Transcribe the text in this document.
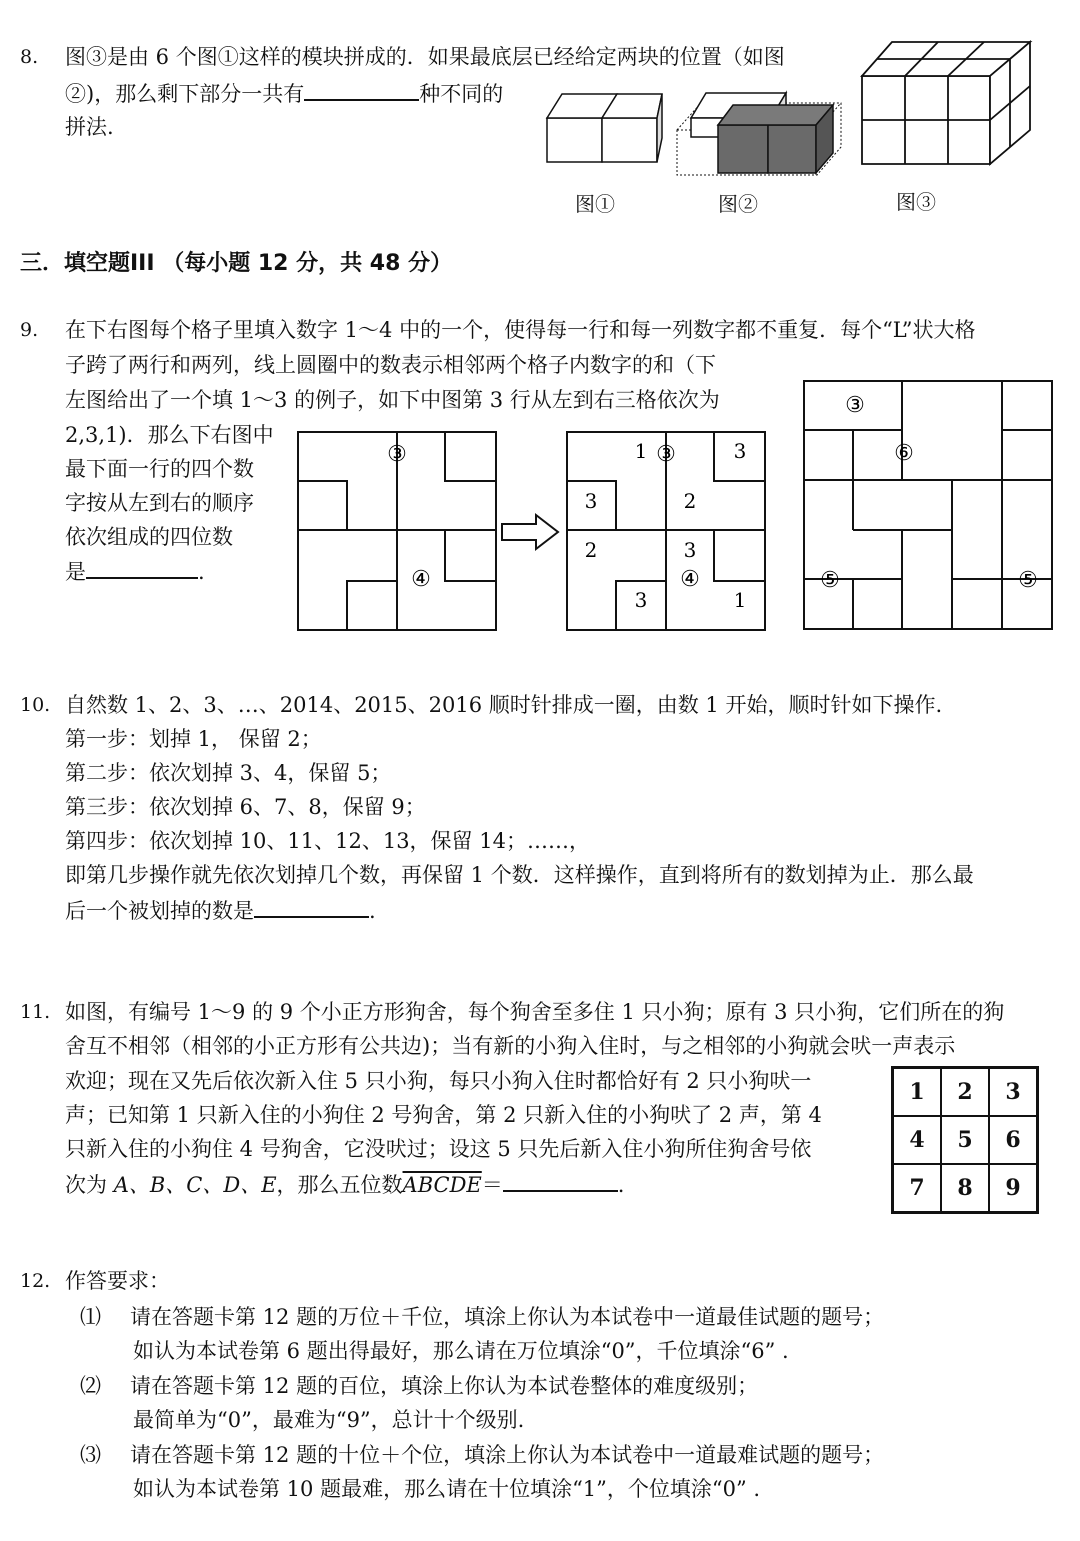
8. 图③是由 6 个图①这样的模块拼成的．如果最底层已经给定两块的位置（如图
②)，那么剩下部分一共有	种不同的
拼法.
图①	图②	图③
三．填空题III （每小题 12 分，共 48 分）
9. 在下右图每个格子里填入数字 1～4 中的一个，使得每一行和每一列数字都不重复．每个“L”状大格
子跨了两行和两列，线上圆圈中的数表示相邻两个格子内数字的和（下
左图给出了一个填 1～3 的例子，如下中图第 3 行从左到右三格依次为
2,3,1)．那么下右图中
最下面一行的四个数
字按从左到右的顺序
依次组成的四位数
是	.
③
④
1	3
3	2
2	3
3	1
③
④
③
⑥
⑤	⑤
10. 自然数 1、2、3、…、2014、2015、2016 顺时针排成一圈，由数 1 开始，顺时针如下操作.
第一步：划掉 1， 保留 2；
第二步：依次划掉 3、4，保留 5；
第三步：依次划掉 6、7、8，保留 9；
第四步：依次划掉 10、11、12、13，保留 14；……，
即第几步操作就先依次划掉几个数，再保留 1 个数．这样操作，直到将所有的数划掉为止．那么最
后一个被划掉的数是	.
11. 如图，有编号 1～9 的 9 个小正方形狗舍，每个狗舍至多住 1 只小狗；原有 3 只小狗，它们所在的狗
舍互不相邻（相邻的小正方形有公共边)；当有新的小狗入住时，与之相邻的小狗就会吠一声表示
欢迎；现在又先后依次新入住 5 只小狗，每只小狗入住时都恰好有 2 只小狗吠一
声；已知第 1 只新入住的小狗住 2 号狗舍，第 2 只新入住的小狗吠了 2 声，第 4
只新入住的小狗住 4 号狗舍，它没吠过；设这 5 只先后新入住小狗所住狗舍号依
次为 A、B、C、D、E，那么五位数ABCDE＝	.
1	2	3
4	5	6
7	8	9
12. 作答要求：
⑴ 请在答题卡第 12 题的万位＋千位，填涂上你认为本试卷中一道最佳试题的题号；
如认为本试卷第 6 题出得最好，那么请在万位填涂“0”，千位填涂“6” .
⑵ 请在答题卡第 12 题的百位，填涂上你认为本试卷整体的难度级别；
最简单为“0”，最难为“9”，总计十个级别.
⑶ 请在答题卡第 12 题的十位＋个位，填涂上你认为本试卷中一道最难试题的题号；
如认为本试卷第 10 题最难，那么请在十位填涂“1”，个位填涂“0” .
